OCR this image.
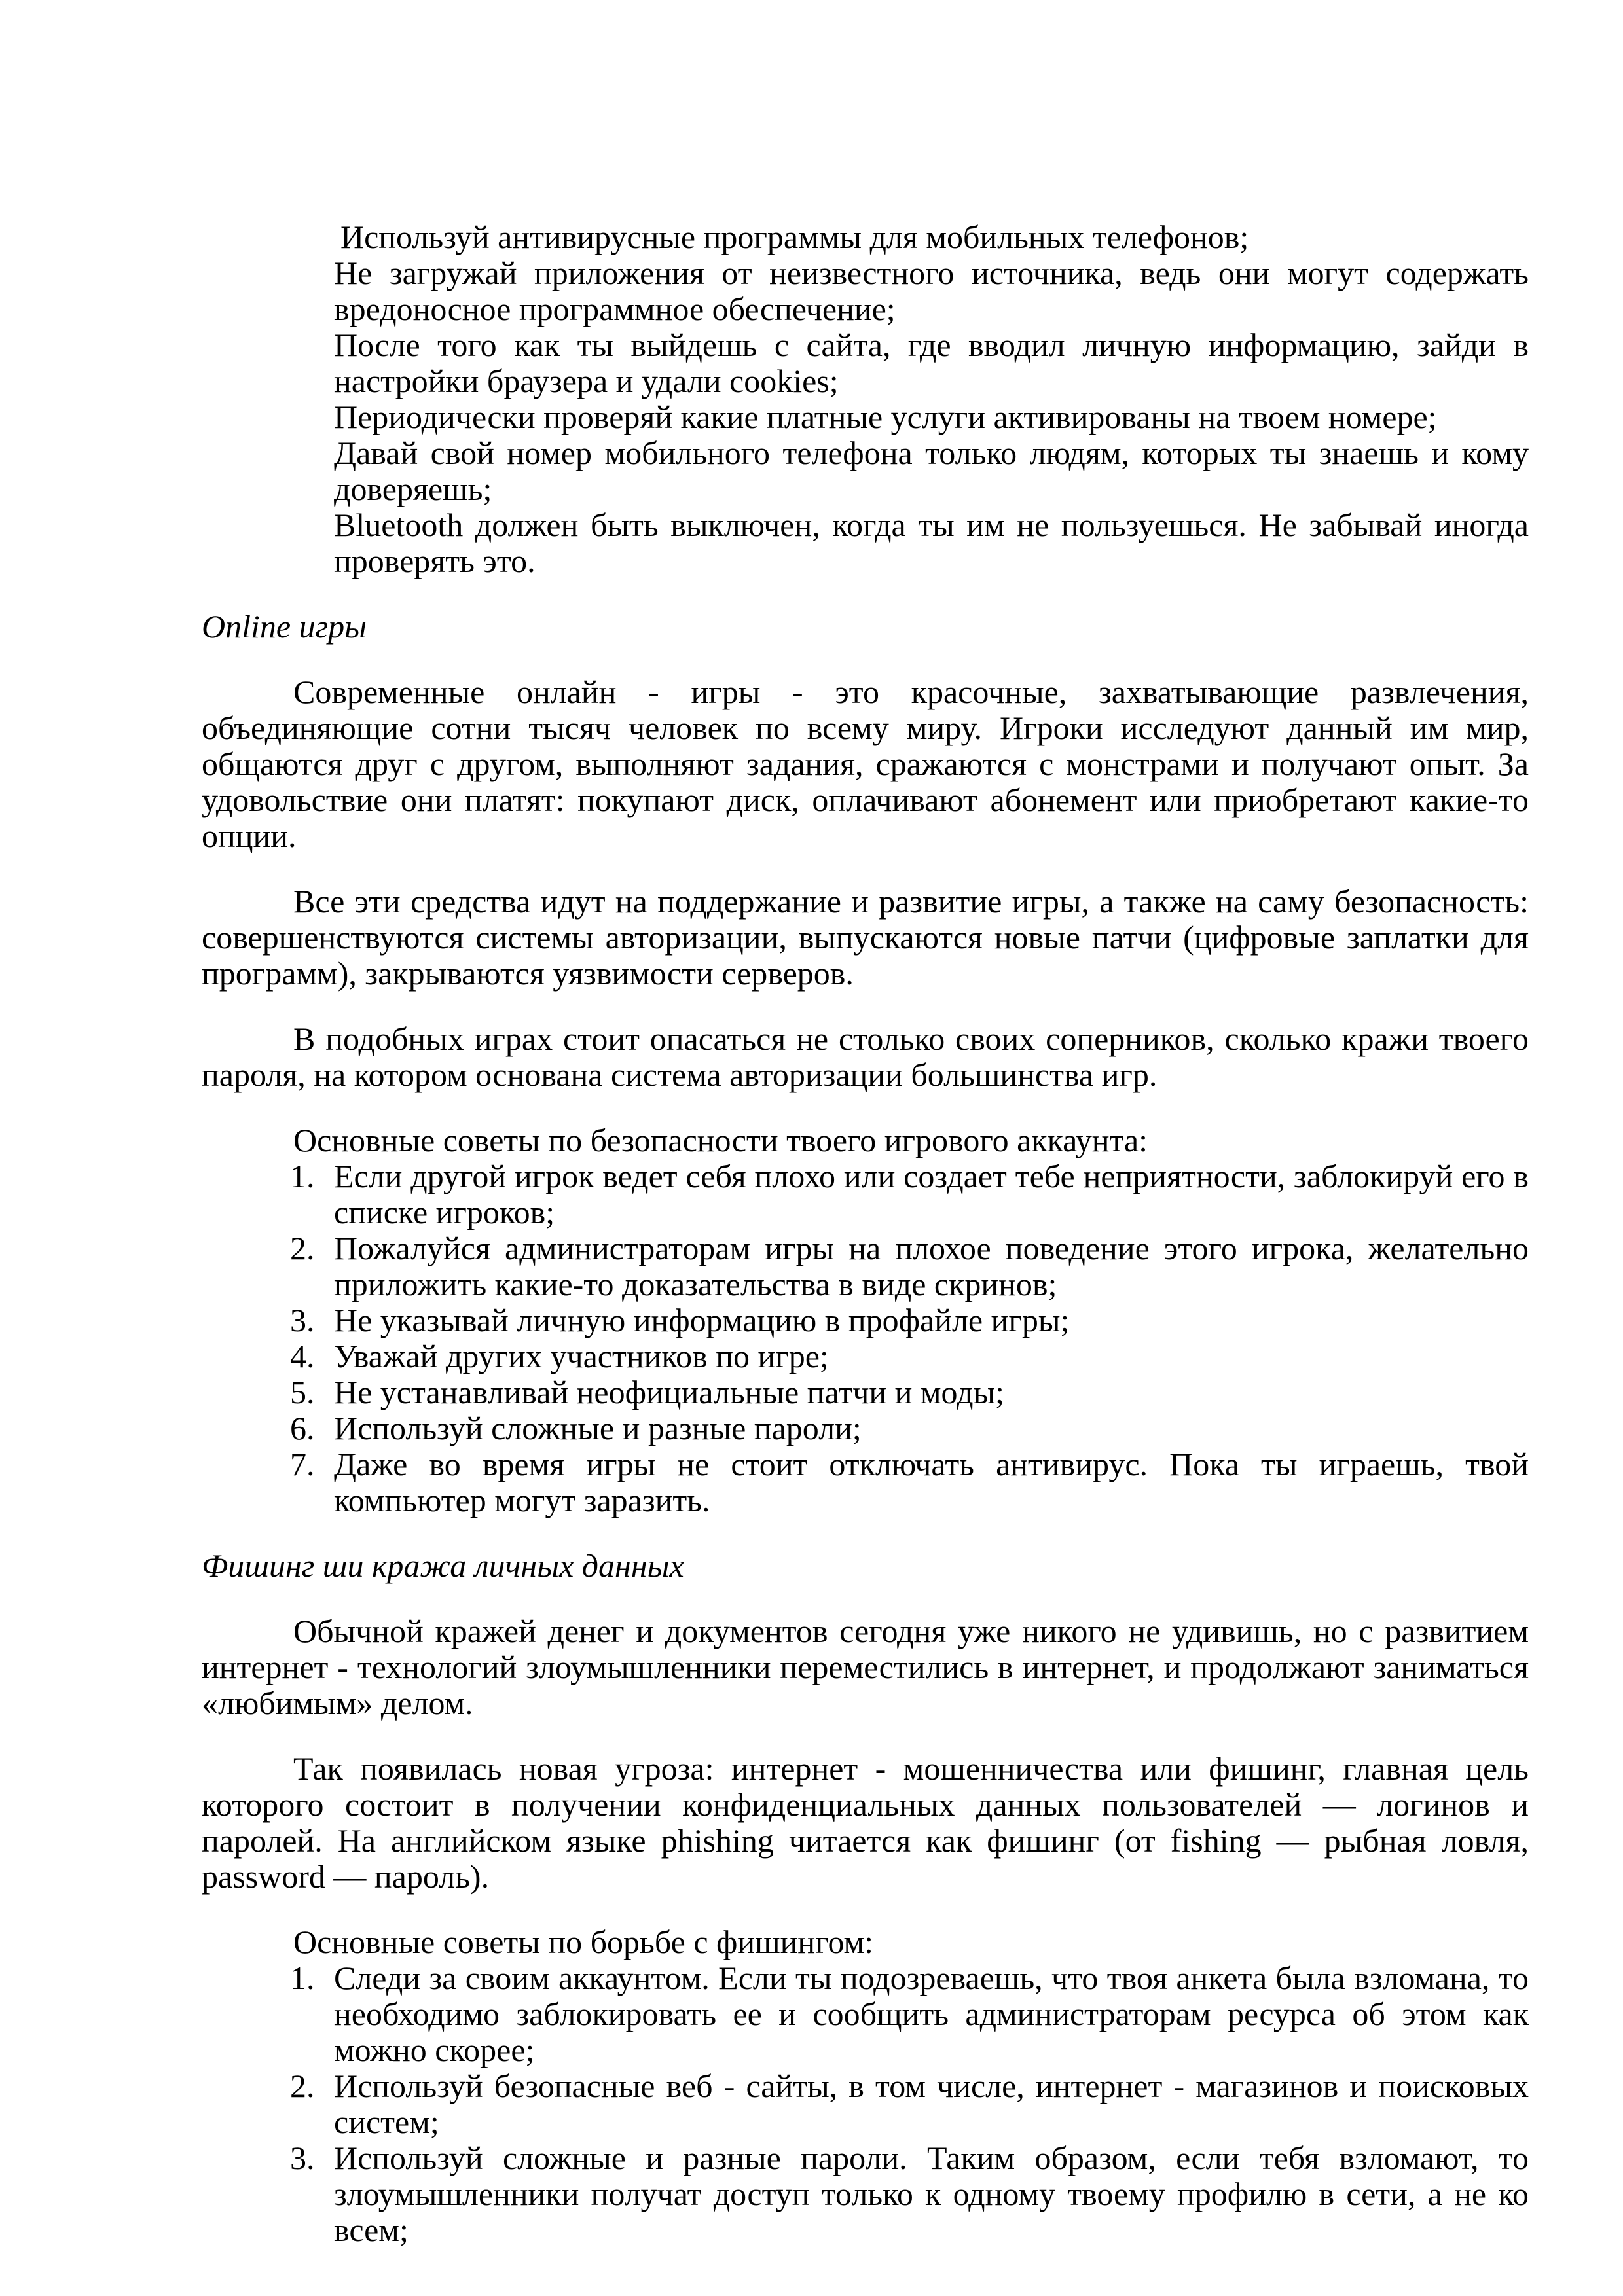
Используй антивирусные программы для мобильных телефонов;

Не загружай приложения от неизвестного источника, ведь они могут содержать вредоносное программное обеспечение;

После того как ты выйдешь с сайта, где вводил личную информацию, зайди в настройки браузера и удали cookies;

Периодически проверяй какие платные услуги активированы на твоем номере;

Давай свой номер мобильного телефона только людям, которых ты знаешь и кому доверяешь;

Bluetooth должен быть выключен, когда ты им не пользуешься. Не забывай иногда проверять это.

Online игры

Современные онлайн - игры - это красочные, захватывающие развлечения, объединяющие сотни тысяч человек по всему миру. Игроки исследуют данный им мир, общаются друг с другом, выполняют задания, сражаются с монстрами и получают опыт. За удовольствие они платят: покупают диск, оплачивают абонемент или приобретают какие-то опции.

Все эти средства идут на поддержание и развитие игры, а также на саму безопасность: совершенствуются системы авторизации, выпускаются новые патчи (цифровые заплатки для программ), закрываются уязвимости серверов.

В подобных играх стоит опасаться не столько своих соперников, сколько кражи твоего пароля, на котором основана система авторизации большинства игр.

Основные советы по безопасности твоего игрового аккаунта:

1. Если другой игрок ведет себя плохо или создает тебе неприятности, заблокируй его в списке игроков;
2. Пожалуйся администраторам игры на плохое поведение этого игрока, желательно приложить какие-то доказательства в виде скринов;
3. Не указывай личную информацию в профайле игры;
4. Уважай других участников по игре;
5. Не устанавливай неофициальные патчи и моды;
6. Используй сложные и разные пароли;
7. Даже во время игры не стоит отключать антивирус. Пока ты играешь, твой компьютер могут заразить.
Фишинг ши кража личных данных

Обычной кражей денег и документов сегодня уже никого не удивишь, но с развитием интернет - технологий злоумышленники переместились в интернет, и продолжают заниматься «любимым» делом.

Так появилась новая угроза: интернет - мошенничества или фишинг, главная цель которого состоит в получении конфиденциальных данных пользователей — логинов и паролей. На английском языке phishing читается как фишинг (от fishing — рыбная ловля, password — пароль).

Основные советы по борьбе с фишингом:

1. Следи за своим аккаунтом. Если ты подозреваешь, что твоя анкета была взломана, то необходимо заблокировать ее и сообщить администраторам ресурса об этом как можно скорее;
2. Используй безопасные веб - сайты, в том числе, интернет - магазинов и поисковых систем;
3. Используй сложные и разные пароли. Таким образом, если тебя взломают, то злоумышленники получат доступ только к одному твоему профилю в сети, а не ко всем;
